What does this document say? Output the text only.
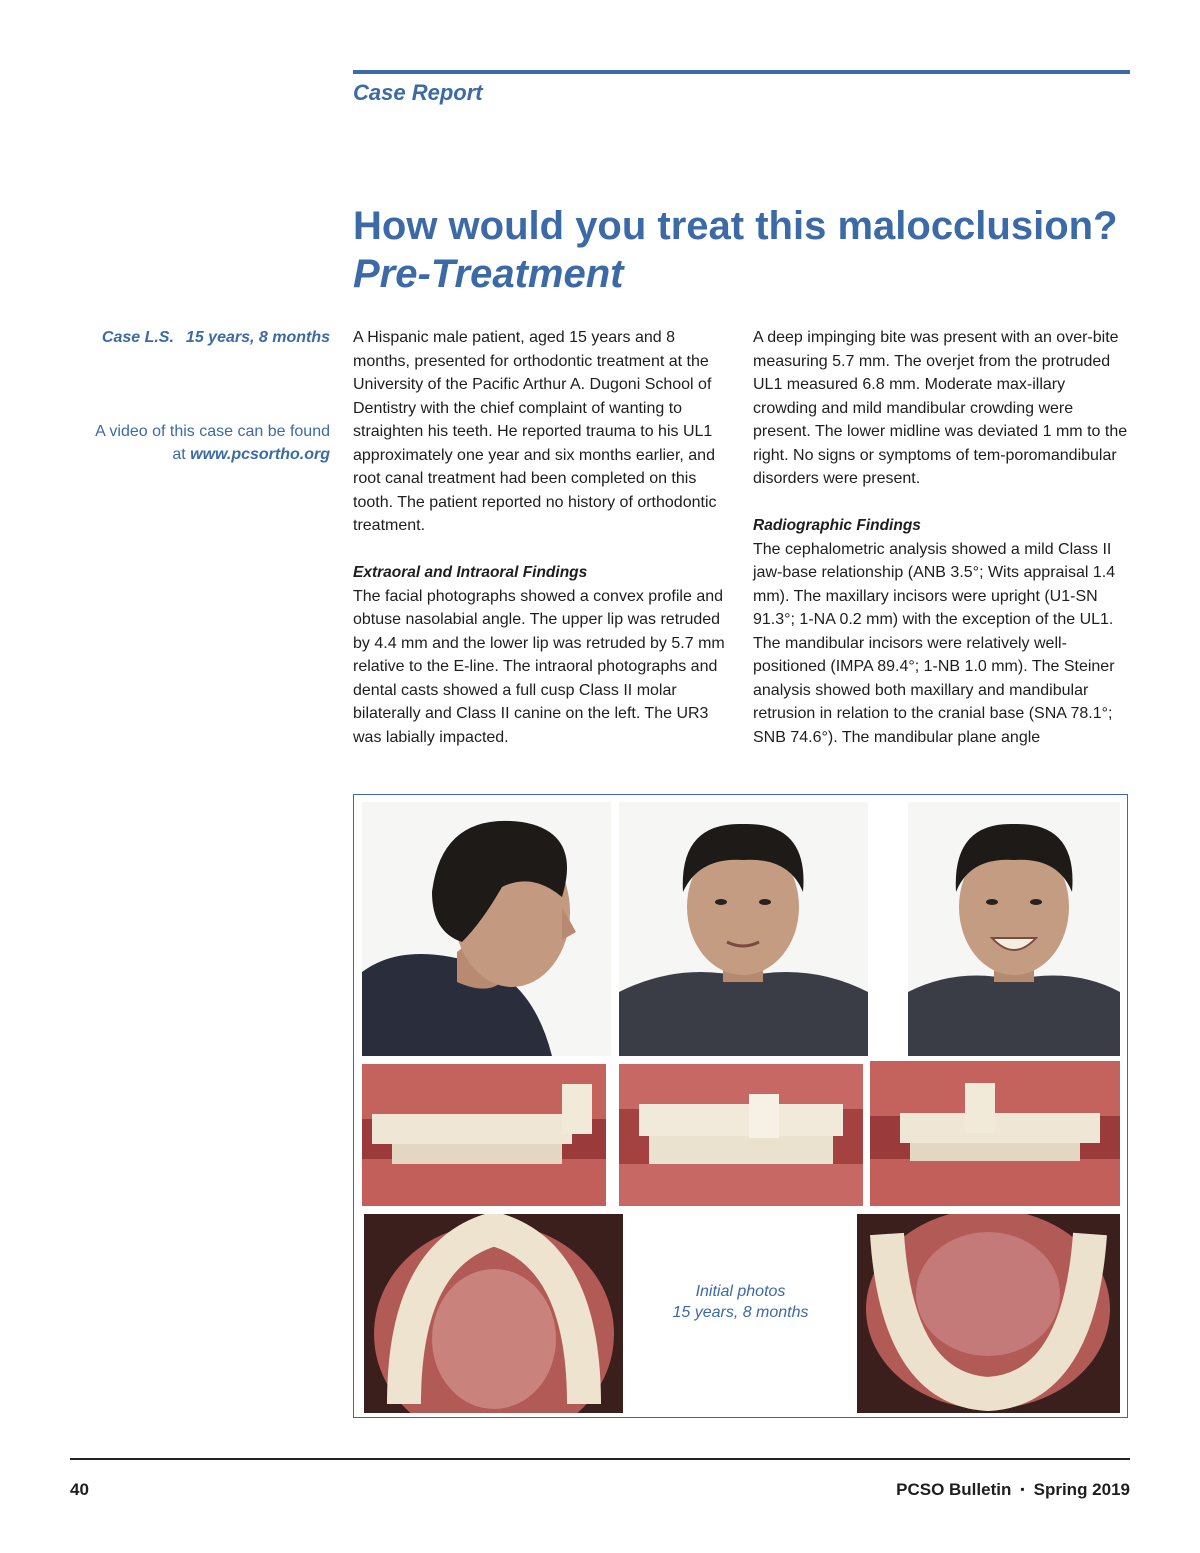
Case Report
How would you treat this malocclusion?
Pre-Treatment
Case L.S. 15 years, 8 months
A video of this case can be found
at www.pcsortho.org

A Hispanic male patient, aged 15 years and 8 months, presented for orthodontic treatment at the University of the Pacific Arthur A. Dugoni School of Dentistry with the chief complaint of wanting to straighten his teeth. He reported trauma to his UL1 approximately one year and six months earlier, and root canal treatment had been completed on this tooth. The patient reported no history of orthodontic treatment.

Extraoral and Intraoral Findings

The facial photographs showed a convex profile and obtuse nasolabial angle. The upper lip was retruded by 4.4 mm and the lower lip was retruded by 5.7 mm relative to the E-line. The intraoral photographs and dental casts showed a full cusp Class II molar bilaterally and Class II canine on the left. The UR3 was labially impacted.

A deep impinging bite was present with an over-bite measuring 5.7 mm. The overjet from the protruded UL1 measured 6.8 mm. Moderate max-illary crowding and mild mandibular crowding were present. The lower midline was deviated 1 mm to the right. No signs or symptoms of tem-poromandibular disorders were present.

Radiographic Findings

The cephalometric analysis showed a mild Class II jaw-base relationship (ANB 3.5°; Wits appraisal 1.4 mm). The maxillary incisors were upright (U1-SN 91.3°; 1-NA 0.2 mm) with the exception of the UL1. The mandibular incisors were relatively well-positioned (IMPA 89.4°; 1-NB 1.0 mm). The Steiner analysis showed both maxillary and mandibular retrusion in relation to the cranial base (SNA 78.1°; SNB 74.6°). The mandibular plane angle

Initial photos
15 years, 8 months
40	PCSO Bulletin ▪ Spring 2019
